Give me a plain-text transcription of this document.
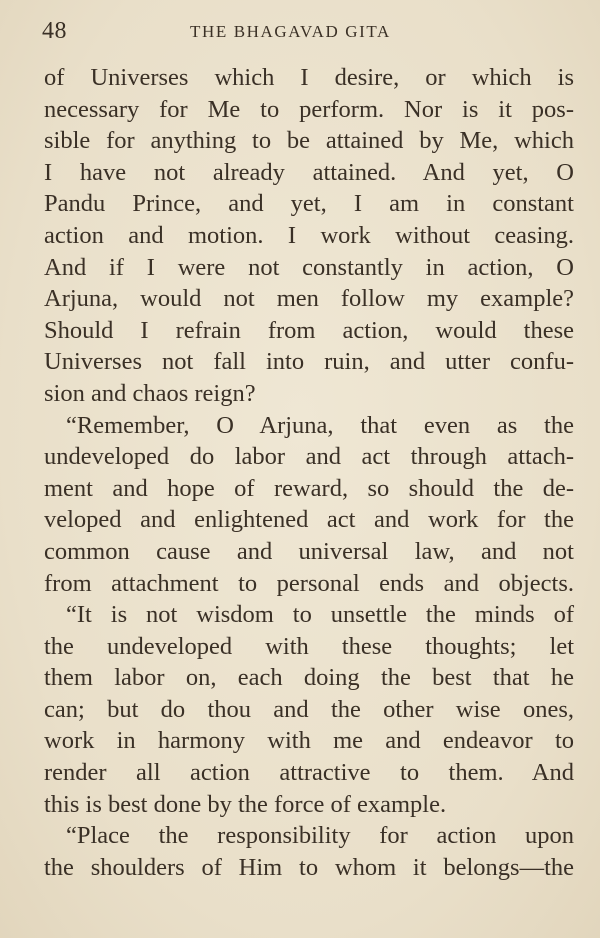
48	THE BHAGAVAD GITA
of Universes which I desire, or which is
necessary for Me to perform. Nor is it pos-
sible for anything to be attained by Me, which
I have not already attained. And yet, O
Pandu Prince, and yet, I am in constant
action and motion. I work without ceasing.
And if I were not constantly in action, O
Arjuna, would not men follow my example?
Should I refrain from action, would these
Universes not fall into ruin, and utter confu-
sion and chaos reign?
“Remember, O Arjuna, that even as the
undeveloped do labor and act through attach-
ment and hope of reward, so should the de-
veloped and enlightened act and work for the
common cause and universal law, and not
from attachment to personal ends and objects.
“It is not wisdom to unsettle the minds of
the undeveloped with these thoughts; let
them labor on, each doing the best that he
can; but do thou and the other wise ones,
work in harmony with me and endeavor to
render all action attractive to them. And
this is best done by the force of example.
“Place the responsibility for action upon
the shoulders of Him to whom it belongs—the
